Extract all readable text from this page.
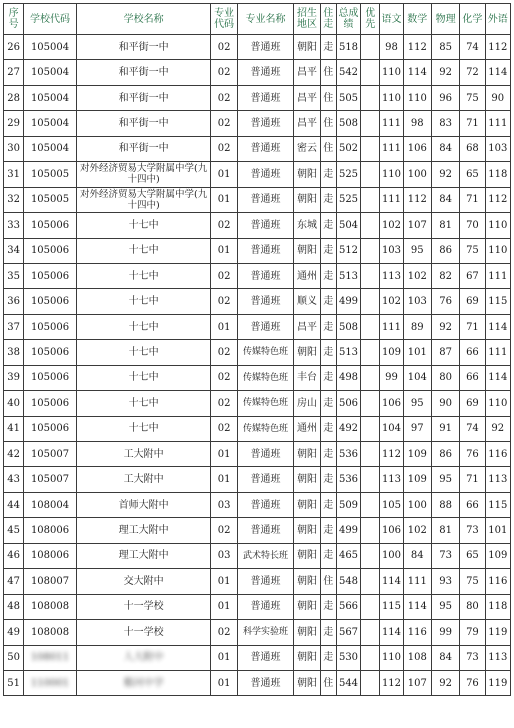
序号	学校代码	学校名称	专业代码	专业名称	招生地区	住走	总成绩	优先	语文	数学	物理	化学	外语
26	105004	和平街一中	02	普通班	朝阳	走	518		98	112	85	74	112
27	105004	和平街一中	02	普通班	昌平	住	542		110	114	92	72	114
28	105004	和平街一中	02	普通班	昌平	住	505		110	110	96	75	90
29	105004	和平街一中	02	普通班	昌平	住	508		111	98	83	71	111
30	105004	和平街一中	02	普通班	密云	住	502		111	106	84	68	103
31	105005	对外经济贸易大学附属中学(九十四中)	01	普通班	朝阳	走	525		110	100	92	65	118
32	105005	对外经济贸易大学附属中学(九十四中)	01	普通班	朝阳	走	525		111	112	84	71	112
33	105006	十七中	02	普通班	东城	走	504		102	107	81	70	110
34	105006	十七中	01	普通班	朝阳	走	512		103	95	86	75	110
35	105006	十七中	02	普通班	通州	走	513		113	102	82	67	111
36	105006	十七中	02	普通班	顺义	走	499		102	103	76	69	115
37	105006	十七中	01	普通班	昌平	走	508		111	89	92	71	114
38	105006	十七中	02	传媒特色班	朝阳	走	513		109	101	87	66	111
39	105006	十七中	02	传媒特色班	丰台	走	498		99	104	80	66	114
40	105006	十七中	02	传媒特色班	房山	走	506		106	95	90	69	110
41	105006	十七中	02	传媒特色班	通州	走	492		104	97	91	74	92
42	105007	工大附中	01	普通班	朝阳	走	536		112	109	86	76	116
43	105007	工大附中	01	普通班	朝阳	走	536		113	109	95	71	113
44	108004	首师大附中	03	普通班	朝阳	走	509		105	100	88	66	115
45	108006	理工大附中	02	普通班	朝阳	走	499		106	102	81	73	101
46	108006	理工大附中	03	武术特长班	朝阳	走	465		100	84	73	65	109
47	108007	交大附中	01	普通班	朝阳	住	548		114	111	93	75	116
48	108008	十一学校	01	普通班	朝阳	走	566		115	114	95	80	118
49	108008	十一学校	02	科学实验班	朝阳	走	567		114	116	99	79	119
50	108011	人大附中	01	普通班	朝阳	走	530		110	108	84	73	113
51	110001	谿河中学	01	普通班	朝阳	住	544		112	107	92	76	119
